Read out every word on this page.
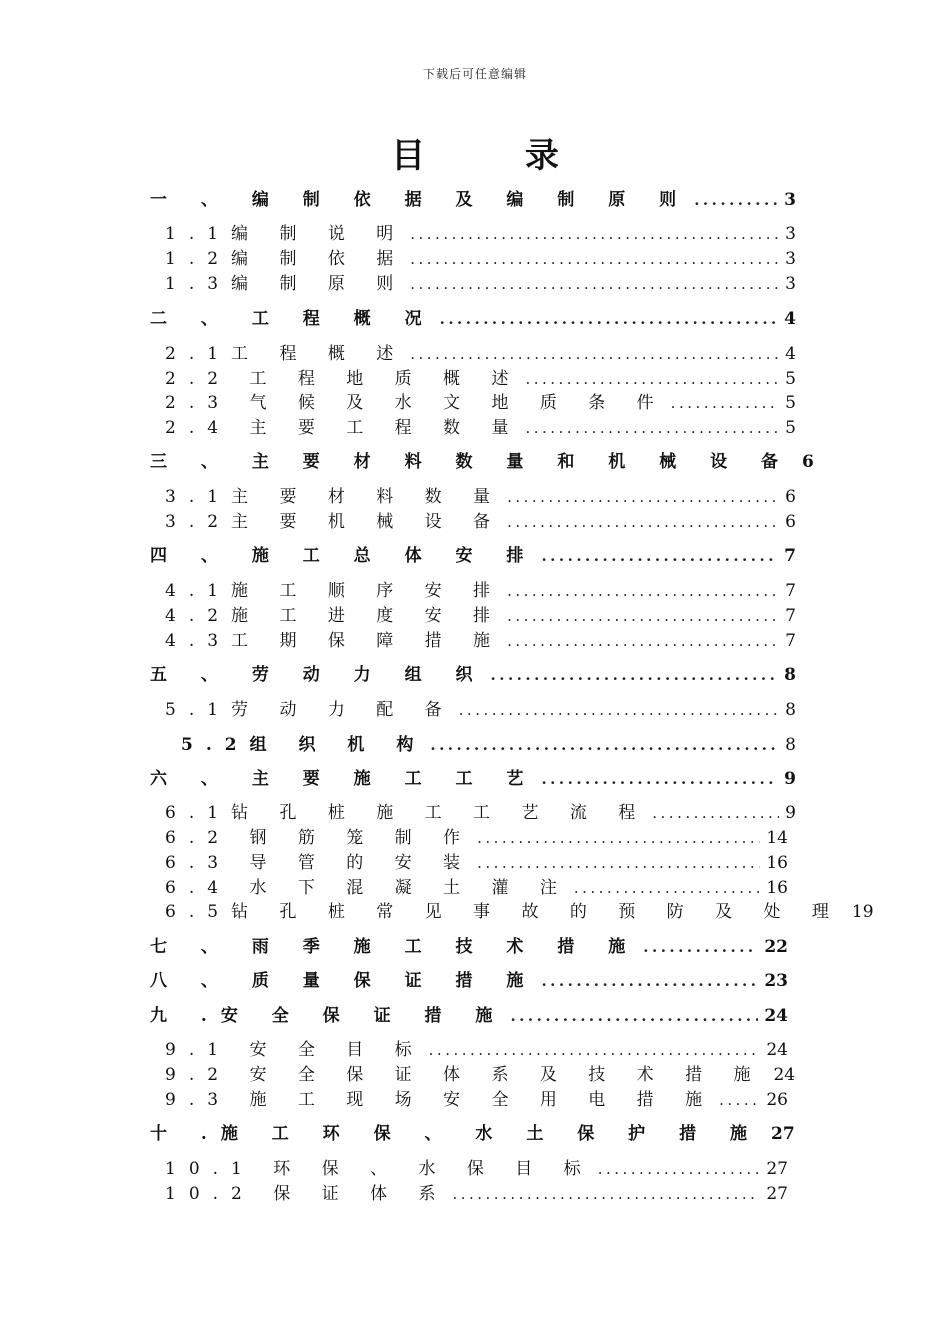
下载后可任意编辑
目 录
一 、 编 制 依 据 及 编 制 原 则 .....	3
1.1编 制 说 明 .....	3
1.2编 制 依 据 .....	3
1.3编 制 原 则 .....	3
二 、 工 程 概 况 .....	4
2.1工 程 概 述 .....	4
2.2 工 程 地 质 概 述 .....	5
2.3 气 候 及 水 文 地 质 条 件 .....	5
2.4 主 要 工 程 数 量 .....	5
三 、 主 要 材 料 数 量 和 机 械 设 备 6
3.1主 要 材 料 数 量 .....	6
3.2主 要 机 械 设 备 .....	6
四 、 施 工 总 体 安 排 .....	7
4.1施 工 顺 序 安 排 .....	7
4.2施 工 进 度 安 排 .....	7
4.3工 期 保 障 措 施 .....	7
五 、 劳 动 力 组 织 .....	8
5.1劳 动 力 配 备 .....	8
5.2组 织 机 构 .....	8
六 、 主 要 施 工 工 艺 .....	9
6.1钻 孔 桩 施 工 工 艺 流 程 .....	9
6.2 钢 筋 笼 制 作 .....	14
6.3 导 管 的 安 装 .....	16
6.4 水 下 混 凝 土 灌 注 .....	16
6.5钻 孔 桩 常 见 事 故 的 预 防 及 处 理 19
七 、 雨 季 施 工 技 术 措 施 .....	22
八 、 质 量 保 证 措 施 .....	23
九 .安 全 保 证 措 施 .....	24
9.1 安 全 目 标 .....	24
9.2 安 全 保 证 体 系 及 技 术 措 施 24
9.3 施 工 现 场 安 全 用 电 措 施 .....	26
十 .施 工 环 保 、 水 土 保 护 措 施 27
10.1 环 保 、 水 保 目 标 .....	27
10.2 保 证 体 系 .....	27
